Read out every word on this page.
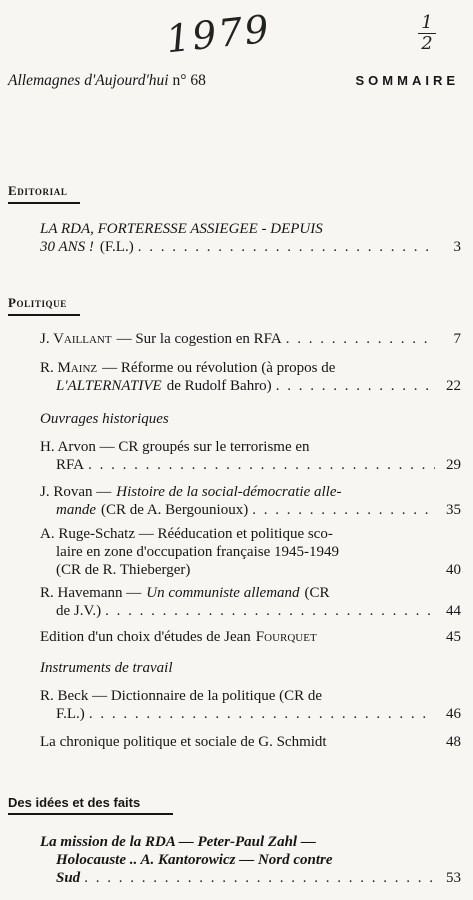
1979	1
2
Allemagnes d'Aujourd'hui n° 68	SOMMAIRE
Editorial
LA RDA, FORTERESSE ASSIEGEE - DEPUIS
30 ANS ! (F.L.) . . .	3
Politique
J. Vaillant — Sur la cogestion en RFA . . .	7
R. Mainz — Réforme ou révolution (à propos de
L'ALTERNATIVE de Rudolf Bahro) . . .	22
Ouvrages historiques
H. Arvon — CR groupés sur le terrorisme en
RFA . . .	29
J. Rovan — Histoire de la social-démocratie alle-
mande (CR de A. Bergounioux) . . .	35
A. Ruge-Schatz — Rééducation et politique sco-
laire en zone d'occupation française 1945-1949
(CR de R. Thieberger)	40
R. Havemann — Un communiste allemand (CR
de J.V.) . . .	44
Edition d'un choix d'études de Jean Fourquet	45
Instruments de travail
R. Beck — Dictionnaire de la politique (CR de
F.L.) . . .	46
La chronique politique et sociale de G. Schmidt	48
Des idées et des faits
La mission de la RDA — Peter-Paul Zahl —
Holocauste .. A. Kantorowicz — Nord contre
Sud . . .	53
